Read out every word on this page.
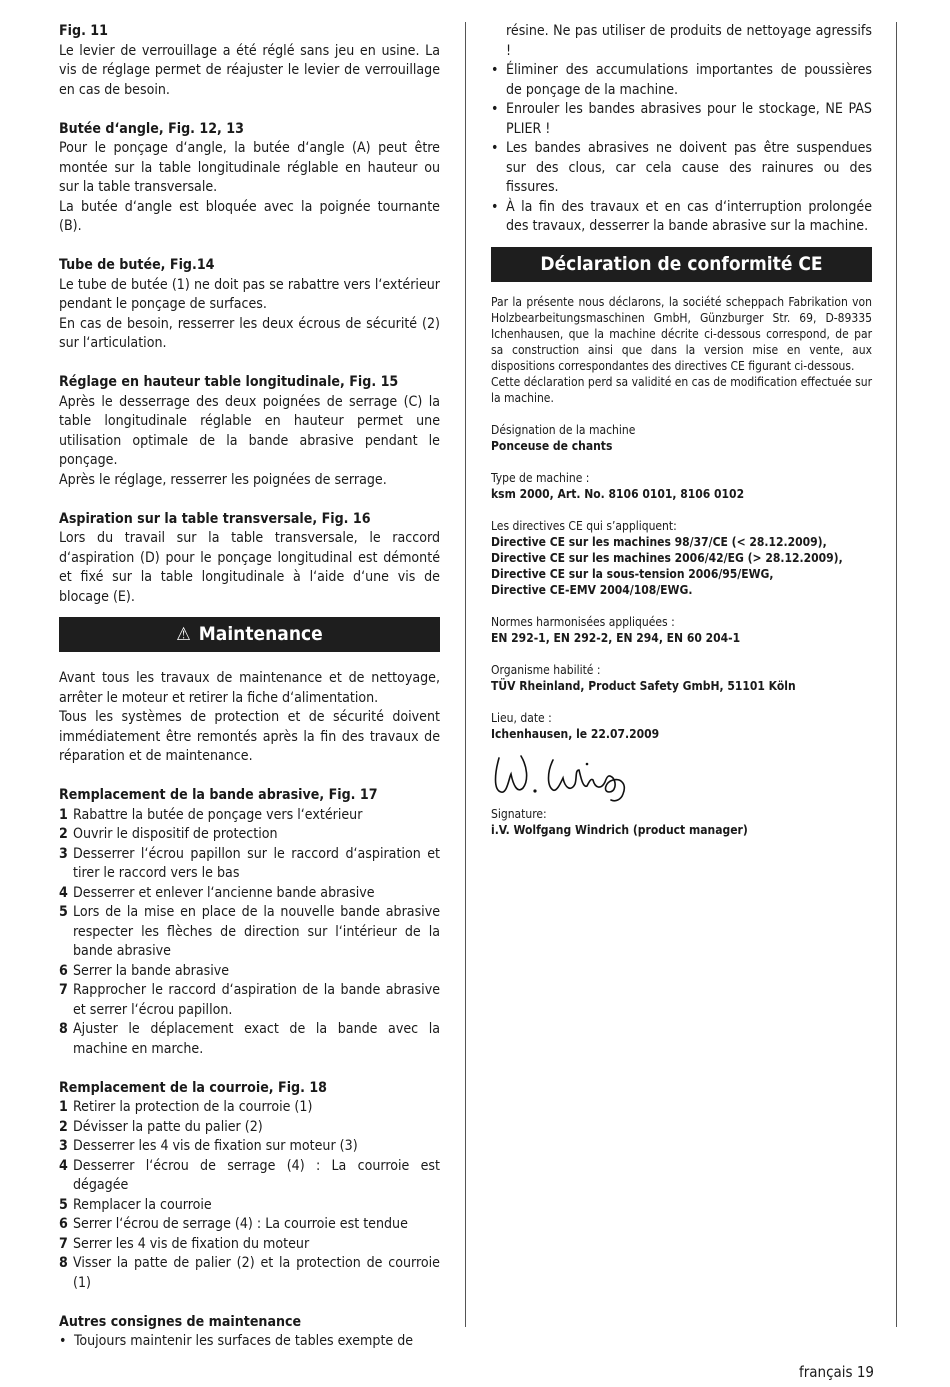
Fig. 11

Le levier de verrouillage a été réglé sans jeu en usine. La vis de réglage permet de réajuster le levier de verrouillage en cas de besoin.

Butée d‘angle, Fig. 12, 13

Pour le ponçage d‘angle, la butée d‘angle (A) peut être montée sur la table longitudinale réglable en hauteur ou sur la table transversale.

La butée d‘angle est bloquée avec la poignée tournante (B).

Tube de butée, Fig.14

Le tube de butée (1) ne doit pas se rabattre vers l‘extérieur pendant le ponçage de surfaces.

En cas de besoin, resserrer les deux écrous de sécurité (2) sur l‘articulation.

Réglage en hauteur table longitudinale, Fig. 15

Après le desserrage des deux poignées de serrage (C) la table longitudinale réglable en hauteur permet une utilisation optimale de la bande abrasive pendant le ponçage.

Après le réglage, resserrer les poignées de serrage.

Aspiration sur la table transversale, Fig. 16

Lors du travail sur la table transversale, le raccord d‘aspiration (D) pour le ponçage longitudinal est démonté et fixé sur la table longitudinale à l‘aide d‘une vis de blocage (E).

⚠ Maintenance

Avant tous les travaux de maintenance et de nettoyage, arrêter le moteur et retirer la fiche d‘alimentation.

Tous les systèmes de protection et de sécurité doivent immédiatement être remontés après la fin des travaux de réparation et de maintenance.

Remplacement de la bande abrasive, Fig. 17

1 Rabattre la butée de ponçage vers l‘extérieur
2 Ouvrir le dispositif de protection
3 Desserrer l‘écrou papillon sur le raccord d‘aspiration et tirer le raccord vers le bas
4 Desserrer et enlever l‘ancienne bande abrasive
5 Lors de la mise en place de la nouvelle bande abrasive respecter les flèches de direction sur l‘intérieur de la bande abrasive
6 Serrer la bande abrasive
7 Rapprocher le raccord d‘aspiration de la bande abrasive et serrer l‘écrou papillon.
8 Ajuster le déplacement exact de la bande avec la machine en marche.

Remplacement de la courroie, Fig. 18

1 Retirer la protection de la courroie (1)
2 Dévisser la patte du palier (2)
3 Desserrer les 4 vis de fixation sur moteur (3)
4 Desserrer l‘écrou de serrage (4) : La courroie est dégagée
5 Remplacer la courroie
6 Serrer l‘écrou de serrage (4) : La courroie est tendue
7 Serrer les 4 vis de fixation du moteur
8 Visser la patte de palier (2) et la protection de courroie (1)

Autres consignes de maintenance

• Toujours maintenir les surfaces de tables exempte de
résine. Ne pas utiliser de produits de nettoyage agressifs !
• Éliminer des accumulations importantes de poussières de ponçage de la machine.
• Enrouler les bandes abrasives pour le stockage, NE PAS PLIER !
• Les bandes abrasives ne doivent pas être suspendues sur des clous, car cela cause des rainures ou des fissures.
• À la fin des travaux et en cas d‘interruption prolongée des travaux, desserrer la bande abrasive sur la machine.
Déclaration de conformité CE

Par la présente nous déclarons, la société scheppach Fabrikation von Holzbearbeitungsmaschinen GmbH, Günzburger Str. 69, D-89335 Ichenhausen, que la machine décrite ci-dessous correspond, de par sa construction ainsi que dans la version mise en vente, aux dispositions correspondantes des directives CE figurant ci-dessous.

Cette déclaration perd sa validité en cas de modification effectuée sur la machine.

Désignation de la machine

Ponceuse de chants

Type de machine :

ksm 2000, Art. No. 8106 0101, 8106 0102

Les directives CE qui s’appliquent:

Directive CE sur les machines 98/37/CE (< 28.12.2009),

Directive CE sur les machines 2006/42/EG (> 28.12.2009),

Directive CE sur la sous-tension 2006/95/EWG,

Directive CE-EMV 2004/108/EWG.

Normes harmonisées appliquées :

EN 292-1, EN 292-2, EN 294, EN 60 204-1

Organisme habilité :

TÜV Rheinland, Product Safety GmbH, 51101 Köln

Lieu, date :

Ichenhausen, le 22.07.2009

Signature:

i.V. Wolfgang Windrich (product manager)

français 19
